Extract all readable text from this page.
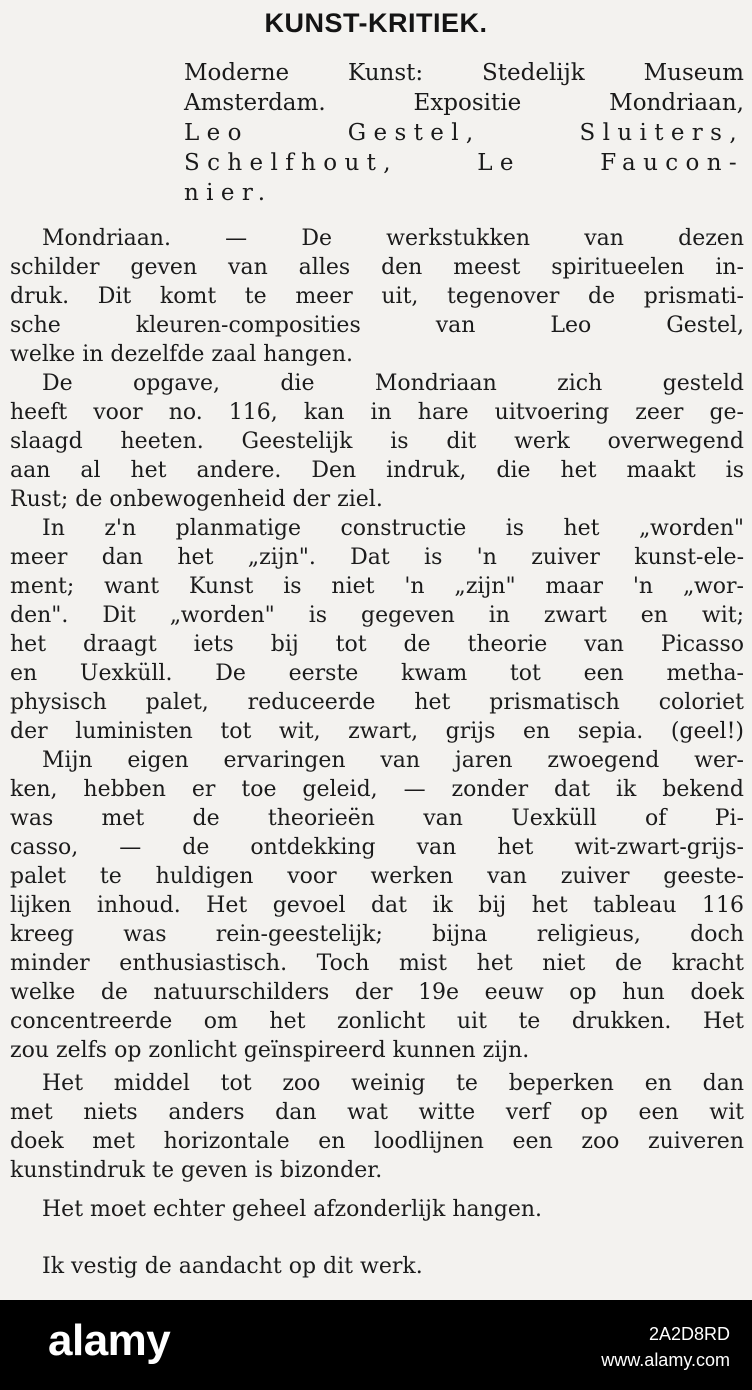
KUNST-KRITIEK.
Moderne Kunst: Stedelijk Museum
Amsterdam. Expositie Mondriaan,
Leo Gestel, Sluiters,
Schelfhout, Le Faucon-
nier.
Mondriaan. — De werkstukken van dezen
schilder geven van alles den meest spiritueelen in-
druk. Dit komt te meer uit, tegenover de prismati-
sche kleuren-composities van Leo Gestel,
welke in dezelfde zaal hangen.
De opgave, die Mondriaan zich gesteld
heeft voor no. 116, kan in hare uitvoering zeer ge-
slaagd heeten. Geestelijk is dit werk overwegend
aan al het andere. Den indruk, die het maakt is
Rust; de onbewogenheid der ziel.
In z'n planmatige constructie is het „worden"
meer dan het „zijn". Dat is 'n zuiver kunst-ele-
ment; want Kunst is niet 'n „zijn" maar 'n „wor-
den". Dit „worden" is gegeven in zwart en wit;
het draagt iets bij tot de theorie van Picasso
en Uexküll. De eerste kwam tot een metha-
physisch palet, reduceerde het prismatisch coloriet
der luministen tot wit, zwart, grijs en sepia. (geel!)
Mijn eigen ervaringen van jaren zwoegend wer-
ken, hebben er toe geleid, — zonder dat ik bekend
was met de theorieën van Uexküll of Pi-
casso, — de ontdekking van het wit-zwart-grijs-
palet te huldigen voor werken van zuiver geeste-
lijken inhoud. Het gevoel dat ik bij het tableau 116
kreeg was rein-geestelijk; bijna religieus, doch
minder enthusiastisch. Toch mist het niet de kracht
welke de natuurschilders der 19e eeuw op hun doek
concentreerde om het zonlicht uit te drukken. Het
zou zelfs op zonlicht geïnspireerd kunnen zijn.
Het middel tot zoo weinig te beperken en dan
met niets anders dan wat witte verf op een wit
doek met horizontale en loodlijnen een zoo zuiveren
kunstindruk te geven is bizonder.
Het moet echter geheel afzonderlijk hangen.
Ik vestig de aandacht op dit werk.
alamy	2A2D8RD
www.alamy.com
